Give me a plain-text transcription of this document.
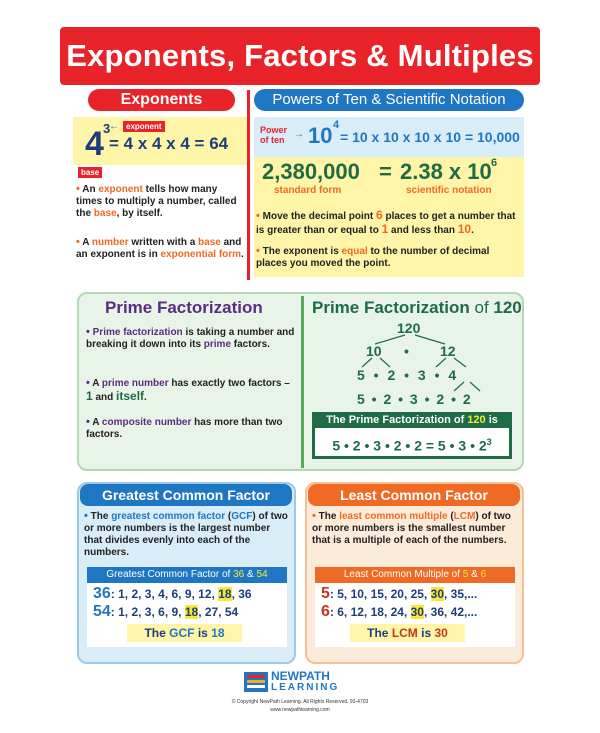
Exponents, Factors & Multiples
Exponents
4 3
= 4 x 4 x 4 = 64
← exponent
base
• An exponent tells how many times to multiply a number, called the base, by itself.
• A number written with a base and an exponent is in exponential form.
Powers of Ten & Scientific Notation
Power
of ten → 10 4
= 10 x 10 x 10 x 10 = 10,000
2,380,000 = 2.38 x 10 6
standard form	scientific notation
• Move the decimal point 6 places to get a number that is greater than or equal to 1 and less than 10.
• The exponent is equal to the number of decimal places you moved the point.
Prime Factorization	Prime Factorization of 120
• Prime factorization is taking a number and breaking it down into its prime factors.
• A prime number has exactly two factors – 1 and itself.
• A composite number has more than two factors.
120
10 • 12
5 • 2 • 3 • 4
5 • 2 • 3 • 2 • 2
The Prime Factorization of 120 is
5 • 2 • 3 • 2 • 2 = 5 • 3 • $2^3$
Greatest Common Factor
• The greatest common factor (GCF) of two or more numbers is the largest number that divides evenly into each of the numbers.
Greatest Common Factor of 36 & 54
36: 1, 2, 3, 4, 6, 9, 12, 18, 36
54: 1, 2, 3, 6, 9, 18, 27, 54
The GCF is 18
Least Common Factor
• The least common multiple (LCM) of two or more numbers is the smallest number that is a multiple of each of the numbers.
Least Common Multiple of 5 & 6
5: 5, 10, 15, 20, 25, 30, 35,...
6: 6, 12, 18, 24, 30, 36, 42,...
The LCM is 30
NEWPATH
LEARNING
© Copyright NewPath Learning. All Rights Reserved. 93-4703
www.newpathlearning.com
